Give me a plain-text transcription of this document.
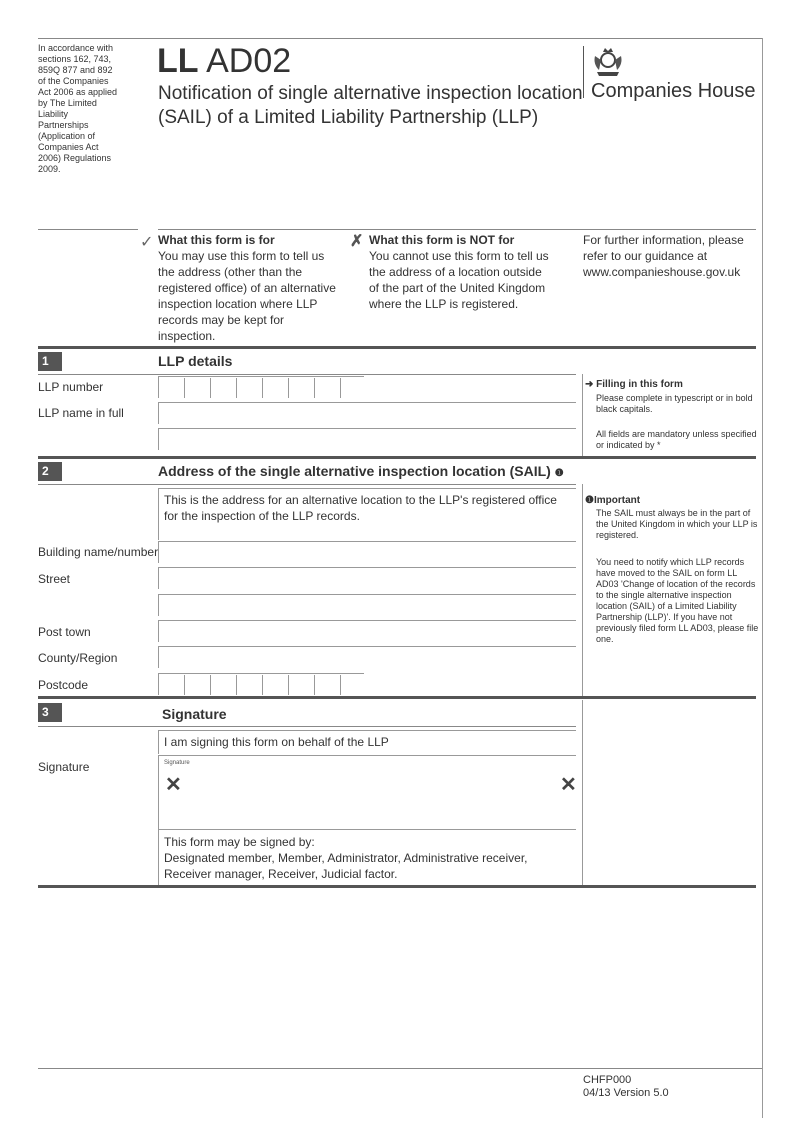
In accordance with sections 162, 743, 859Q 877 and 892 of the Companies Act 2006 as applied by The Limited Liability Partnerships (Application of Companies Act 2006) Regulations 2009.
LL AD02
Notification of single alternative inspection location (SAIL) of a Limited Liability Partnership (LLP)
Companies House
✓ What this form is for
You may use this form to tell us the address (other than the registered office) of an alternative inspection location where LLP records may be kept for inspection.
✗ What this form is NOT for
You cannot use this form to tell us the address of a location outside of the part of the United Kingdom where the LLP is registered.
For further information, please refer to our guidance at www.companieshouse.gov.uk
1	LLP details
LLP number
LLP name in full
➜ Filling in this form
Please complete in typescript or in bold black capitals.
All fields are mandatory unless specified or indicated by *
2	Address of the single alternative inspection location (SAIL) ❶
This is the address for an alternative location to the LLP's registered office for the inspection of the LLP records.
Building name/number
Street
Post town
County/Region
Postcode
❶Important
The SAIL must always be in the part of the United Kingdom in which your LLP is registered.
You need to notify which LLP records have moved to the SAIL on form LL AD03 'Change of location of the records to the single alternative inspection location (SAIL) of a Limited Liability Partnership (LLP)'. If you have not previously filed form LL AD03, please file one.
3	Signature
I am signing this form on behalf of the LLP
Signature	Signature
✕	✕
This form may be signed by:
Designated member, Member, Administrator, Administrative receiver, Receiver manager, Receiver, Judicial factor.
CHFP000
04/13 Version 5.0
